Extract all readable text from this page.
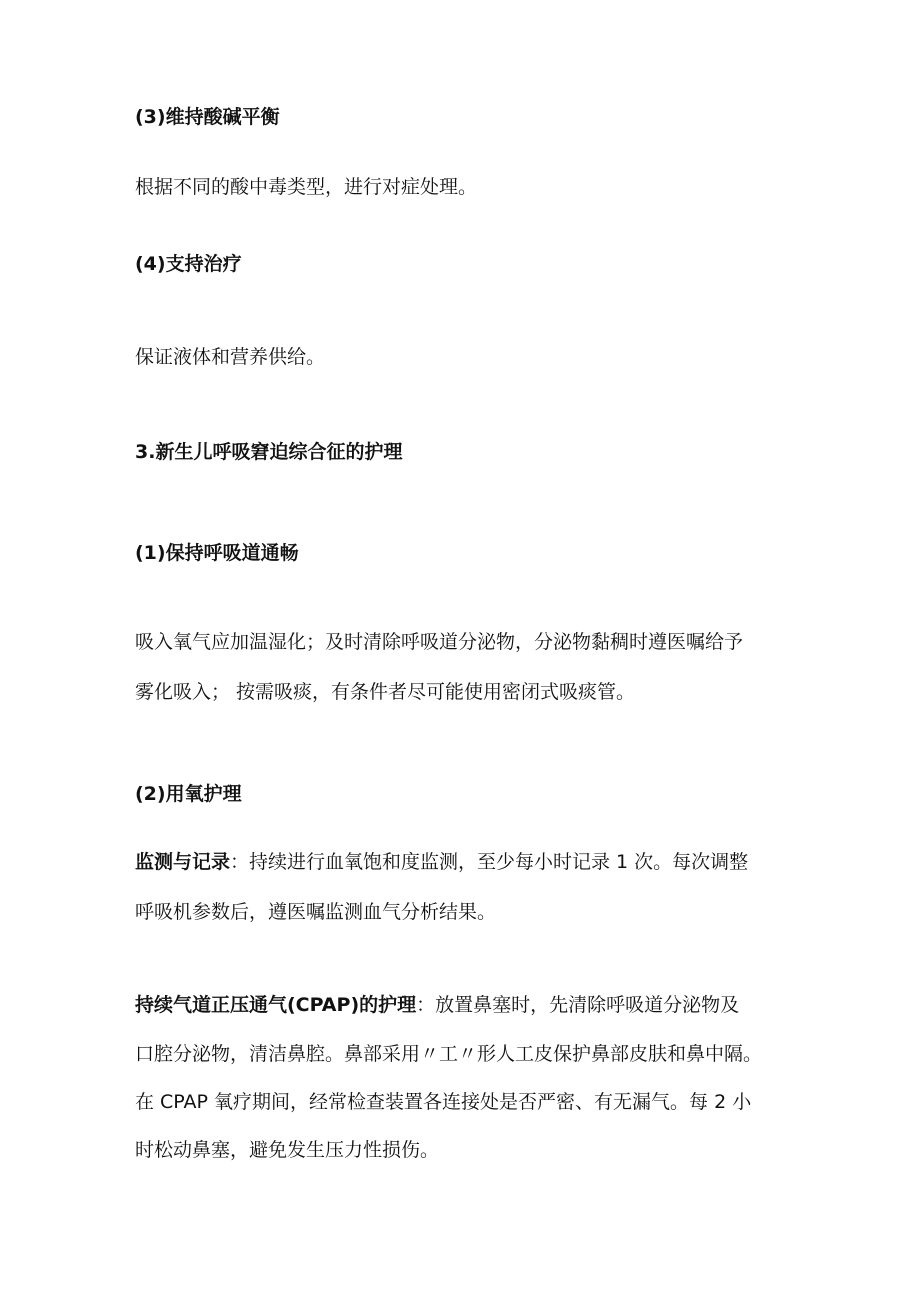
(3)维持酸碱平衡

根据不同的酸中毒类型，进行对症处理。

(4)支持治疗

保证液体和营养供给。

3.新生儿呼吸窘迫综合征的护理

(1)保持呼吸道通畅

吸入氧气应加温湿化；及时清除呼吸道分泌物，分泌物黏稠时遵医嘱给予

雾化吸入； 按需吸痰，有条件者尽可能使用密闭式吸痰管。

(2)用氧护理

监测与记录：持续进行血氧饱和度监测，至少每小时记录 1 次。每次调整

呼吸机参数后，遵医嘱监测血气分析结果。

持续气道正压通气(CPAP)的护理：放置鼻塞时，先清除呼吸道分泌物及

口腔分泌物，清洁鼻腔。鼻部采用〃工〃形人工皮保护鼻部皮肤和鼻中隔。

在 CPAP 氧疗期间，经常检查装置各连接处是否严密、有无漏气。每 2 小

时松动鼻塞，避免发生压力性损伤。
